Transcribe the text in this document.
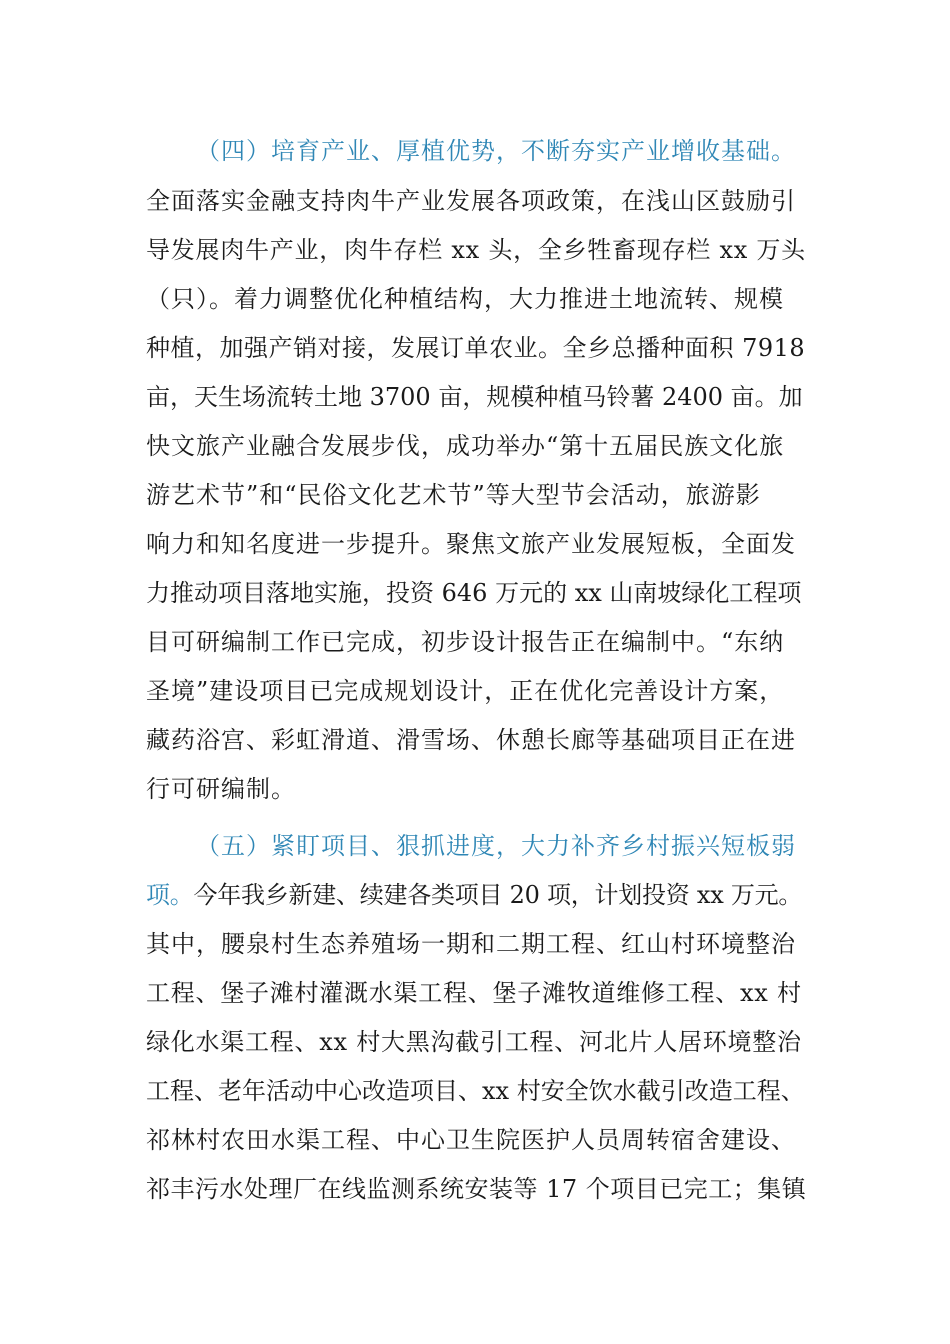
（四）培育产业、厚植优势，不断夯实产业增收基础。
全面落实金融支持肉牛产业发展各项政策，在浅山区鼓励引
导发展肉牛产业，肉牛存栏 xx 头，全乡牲畜现存栏 xx 万头
（只）。着力调整优化种植结构，大力推进土地流转、规模
种植，加强产销对接，发展订单农业。全乡总播种面积 7918
亩，天生场流转土地 3700 亩，规模种植马铃薯 2400 亩。加
快文旅产业融合发展步伐，成功举办“第十五届民族文化旅
游艺术节”和“民俗文化艺术节”等大型节会活动，旅游影
响力和知名度进一步提升。聚焦文旅产业发展短板，全面发
力推动项目落地实施，投资 646 万元的 xx 山南坡绿化工程项
目可研编制工作已完成，初步设计报告正在编制中。“东纳
圣境”建设项目已完成规划设计，正在优化完善设计方案，
藏药浴宫、彩虹滑道、滑雪场、休憩长廊等基础项目正在进
行可研编制。
（五）紧盯项目、狠抓进度，大力补齐乡村振兴短板弱
项。今年我乡新建、续建各类项目 20 项，计划投资 xx 万元。
其中，腰泉村生态养殖场一期和二期工程、红山村环境整治
工程、堡子滩村灌溉水渠工程、堡子滩牧道维修工程、xx 村
绿化水渠工程、xx 村大黑沟截引工程、河北片人居环境整治
工程、老年活动中心改造项目、xx 村安全饮水截引改造工程、
祁林村农田水渠工程、中心卫生院医护人员周转宿舍建设、
祁丰污水处理厂在线监测系统安装等 17 个项目已完工；集镇
